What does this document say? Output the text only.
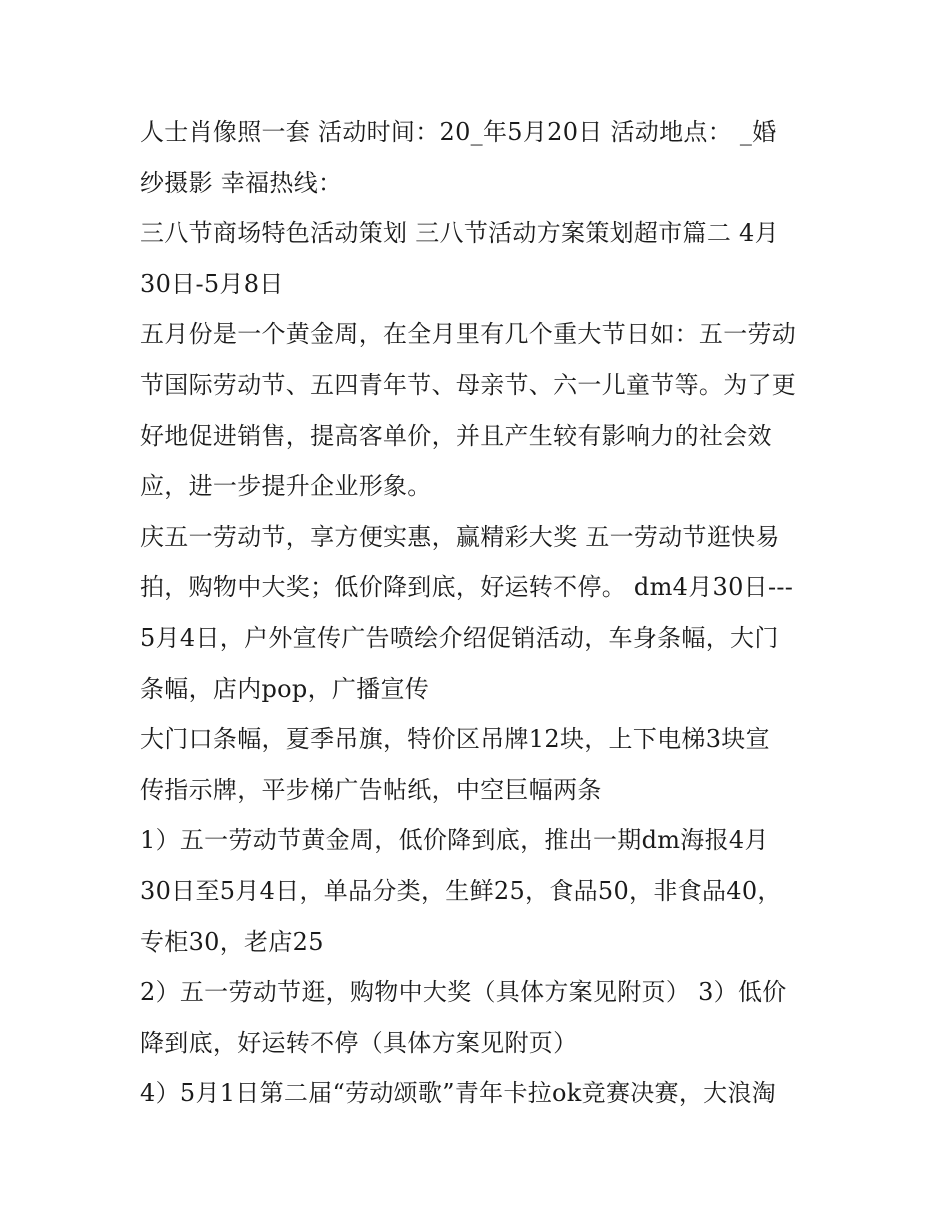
人士肖像照一套 活动时间：20_年5月20日 活动地点： _婚
纱摄影 幸福热线：
三八节商场特色活动策划 三八节活动方案策划超市篇二 4月
30日-5月8日
五月份是一个黄金周，在全月里有几个重大节日如：五一劳动
节国际劳动节、五四青年节、母亲节、六一儿童节等。为了更
好地促进销售，提高客单价，并且产生较有影响力的社会效
应，进一步提升企业形象。
庆五一劳动节，享方便实惠，赢精彩大奖 五一劳动节逛快易
拍，购物中大奖；低价降到底，好运转不停。 dm4月30日---
5月4日，户外宣传广告喷绘介绍促销活动，车身条幅，大门
条幅，店内pop，广播宣传
大门口条幅，夏季吊旗，特价区吊牌12块，上下电梯3块宣
传指示牌，平步梯广告帖纸，中空巨幅两条
1）五一劳动节黄金周，低价降到底，推出一期dm海报4月
30日至5月4日，单品分类，生鲜25，食品50，非食品40，
专柜30，老店25
2）五一劳动节逛，购物中大奖（具体方案见附页） 3）低价
降到底，好运转不停（具体方案见附页）
4）5月1日第二届“劳动颂歌”青年卡拉ok竞赛决赛，大浪淘
